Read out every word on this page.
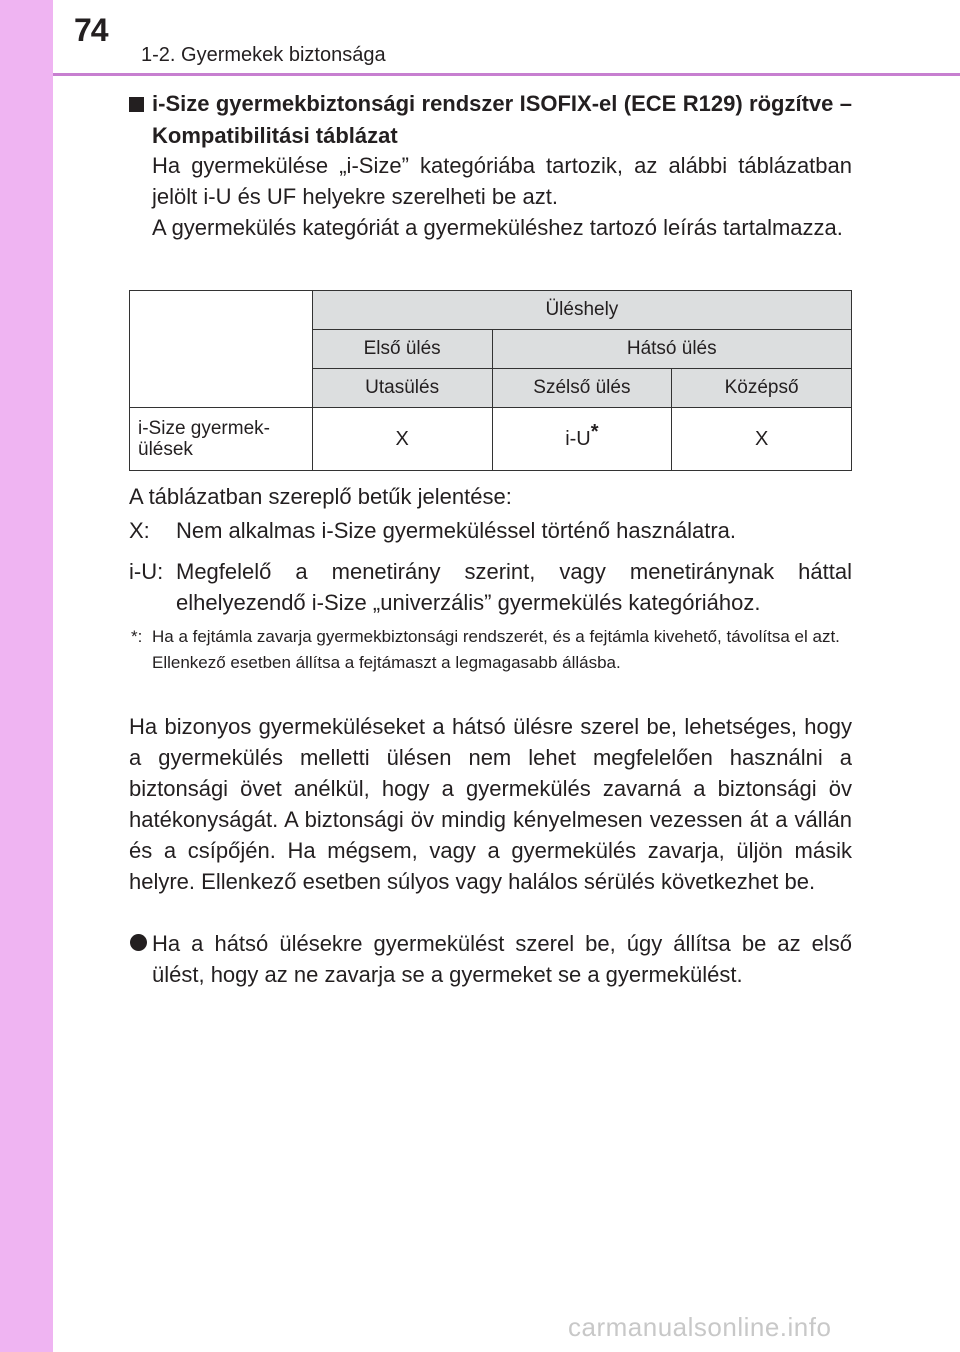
74
1-2. Gyermekek biztonsága
i-Size gyermekbiztonsági rendszer ISOFIX-el (ECE R129) rögzítve – Kompatibilitási táblázat

Ha gyermekülése „i-Size” kategóriába tartozik, az alábbi táblázatban jelölt i-U és UF helyekre szerelheti be azt.

A gyermekülés kategóriát a gyermeküléshez tartozó leírás tartalmazza.

	Üléshely		
	Első ülés	Hátsó ülés	
	Utasülés	Szélső ülés	Középső
i-Size gyermek-ülések	X	i-U*	X
A táblázatban szereplő betűk jelentése:
X: Nem alkalmas i-Size gyermeküléssel történő használatra.
i-U: Megfelelő a menetirány szerint, vagy menetiránynak háttal elhelyezendő i-Size „univerzális” gyermekülés kategóriához.
*: Ha a fejtámla zavarja gyermekbiztonsági rendszerét, és a fejtámla kivehető, távolítsa el azt.
Ellenkező esetben állítsa a fejtámaszt a legmagasabb állásba.
Ha bizonyos gyermeküléseket a hátsó ülésre szerel be, lehetséges, hogy a gyermekülés melletti ülésen nem lehet megfelelően használni a biztonsági övet anélkül, hogy a gyermekülés zavarná a biztonsági öv hatékonyságát. A biztonsági öv mindig kényelmesen vezessen át a vállán és a csípőjén. Ha mégsem, vagy a gyermekülés zavarja, üljön másik helyre. Ellenkező esetben súlyos vagy halálos sérülés következhet be.
Ha a hátsó ülésekre gyermekülést szerel be, úgy állítsa be az első ülést, hogy az ne zavarja se a gyermeket se a gyermekülést.
carmanualsonline.info
